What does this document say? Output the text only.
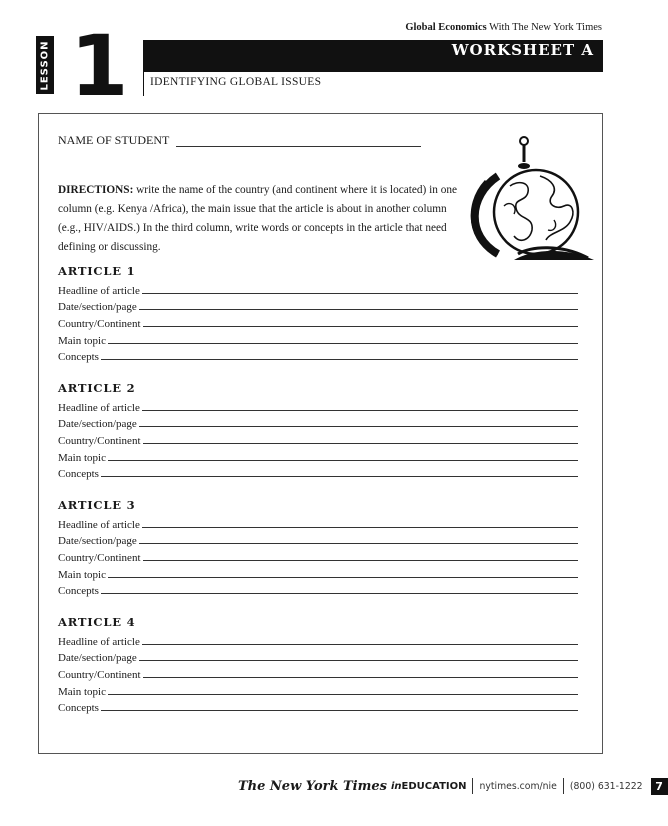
Global Economics With The New York Times
LESSON 1	WORKSHEET A
IDENTIFYING GLOBAL ISSUES
NAME OF STUDENT
DIRECTIONS: write the name of the country (and continent where it is located) in one column (e.g. Kenya /Africa), the main issue that the article is about in another column (e.g., HIV/AIDS.) In the third column, write words or concepts in the article that need defining or discussing.
ARTICLE 1
Headline of article
Date/section/page
Country/Continent
Main topic
Concepts
ARTICLE 2
Headline of article
Date/section/page
Country/Continent
Main topic
Concepts
ARTICLE 3
Headline of article
Date/section/page
Country/Continent
Main topic
Concepts
ARTICLE 4
Headline of article
Date/section/page
Country/Continent
Main topic
Concepts
The New York Times inEDUCATION nytimes.com/nie (800) 631-1222	7
